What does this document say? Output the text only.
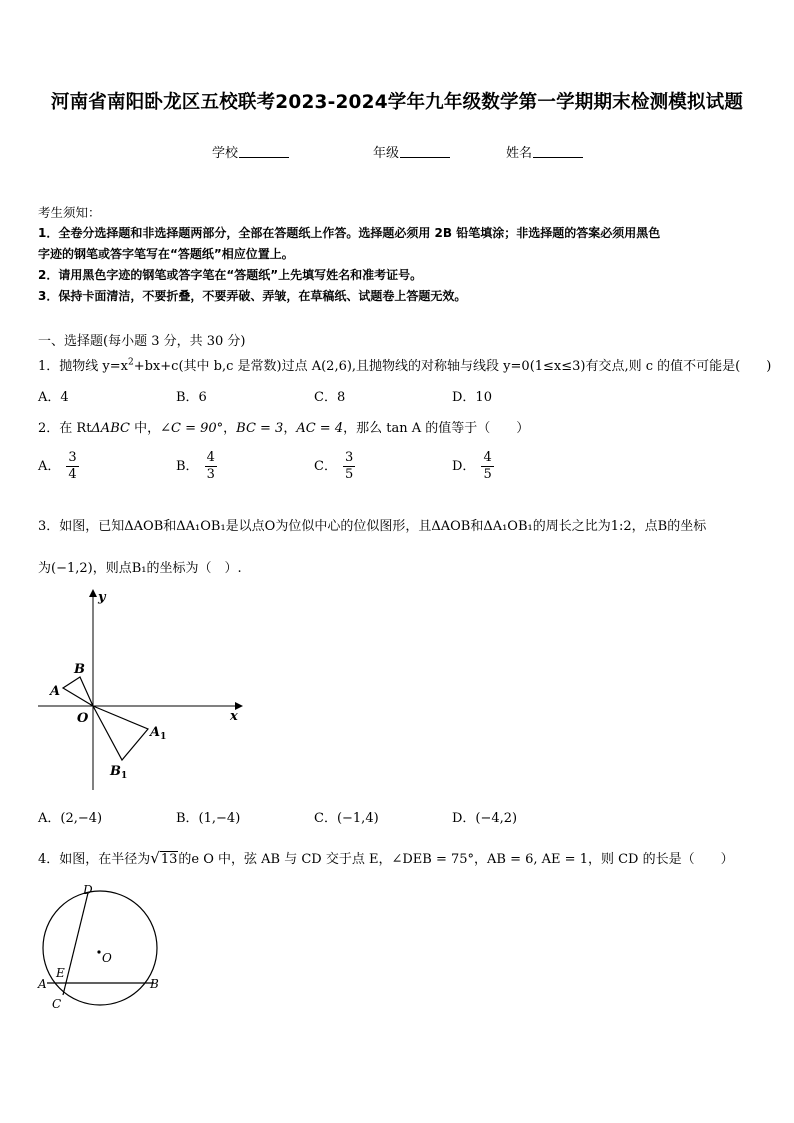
河南省南阳卧龙区五校联考2023-2024学年九年级数学第一学期期末检测模拟试题
学校	年级	姓名
考生须知：
1．全卷分选择题和非选择题两部分，全部在答题纸上作答。选择题必须用 2B 铅笔填涂；非选择题的答案必须用黑色
字迹的钢笔或答字笔写在“答题纸”相应位置上。
2．请用黑色字迹的钢笔或答字笔在“答题纸”上先填写姓名和准考证号。
3．保持卡面清洁，不要折叠，不要弄破、弄皱，在草稿纸、试题卷上答题无效。
一、选择题(每小题 3 分，共 30 分)
1．抛物线 $y=x^2+bx+c$(其中 b,c 是常数)过点 A(2,6),且抛物线的对称轴与线段 y=0(1≤x≤3)有交点,则 c 的值不可能是(　　)
A．4	B．6	C．8	D．10
2．在 RtΔABC 中，∠C = 90°，BC = 3，AC = 4，那么 tan A 的值等于（　　）
A． $\frac{3}{4}$	B． $\frac{4}{3}$	C． $\frac{3}{5}$	D． $\frac{4}{5}$
3．如图，已知ΔAOB和ΔA₁OB₁是以点O为位似中心的位似图形，且ΔAOB和ΔA₁OB₁的周长之比为1:2，点B的坐标
为(−1,2)，则点B₁的坐标为（　）.
y
x
O
A
B
$A_1$
$B_1$
A．(2,−4)	B．(1,−4)	C．(−1,4)	D．(−4,2)
4．如图，在半径为√13的e O 中，弦 AB 与 CD 交于点 E，∠DEB = 75°，AB = 6, AE = 1，则 CD 的长是（　　）
D
O
E
A	B
C
